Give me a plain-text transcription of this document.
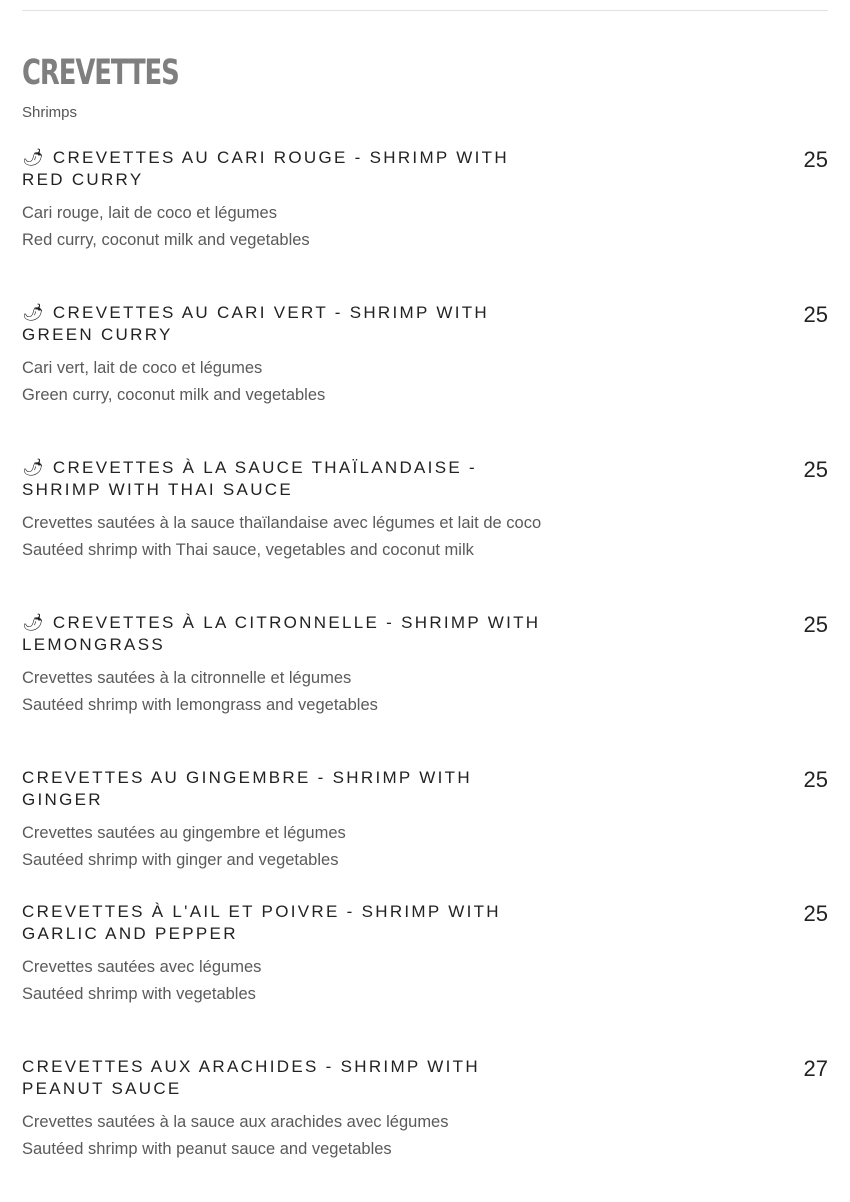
CREVETTES
Shrimps
🌶 CREVETTES AU CARI ROUGE - SHRIMP WITH RED CURRY
25
Cari rouge, lait de coco et légumes
Red curry, coconut milk and vegetables
🌶 CREVETTES AU CARI VERT - SHRIMP WITH GREEN CURRY
25
Cari vert, lait de coco et légumes
Green curry, coconut milk and vegetables
🌶 CREVETTES À LA SAUCE THAÏLANDAISE - SHRIMP WITH THAI SAUCE
25
Crevettes sautées à la sauce thaïlandaise avec légumes et lait de coco
Sautéed shrimp with Thai sauce, vegetables and coconut milk
🌶 CREVETTES À LA CITRONNELLE - SHRIMP WITH LEMONGRASS
25
Crevettes sautées à la citronnelle et légumes
Sautéed shrimp with lemongrass and vegetables
CREVETTES AU GINGEMBRE - SHRIMP WITH GINGER
25
Crevettes sautées au gingembre et légumes
Sautéed shrimp with ginger and vegetables
CREVETTES À L'AIL ET POIVRE - SHRIMP WITH GARLIC AND PEPPER
25
Crevettes sautées avec légumes
Sautéed shrimp with vegetables
CREVETTES AUX ARACHIDES - SHRIMP WITH PEANUT SAUCE
27
Crevettes sautées à la sauce aux arachides avec légumes
Sautéed shrimp with peanut sauce and vegetables
